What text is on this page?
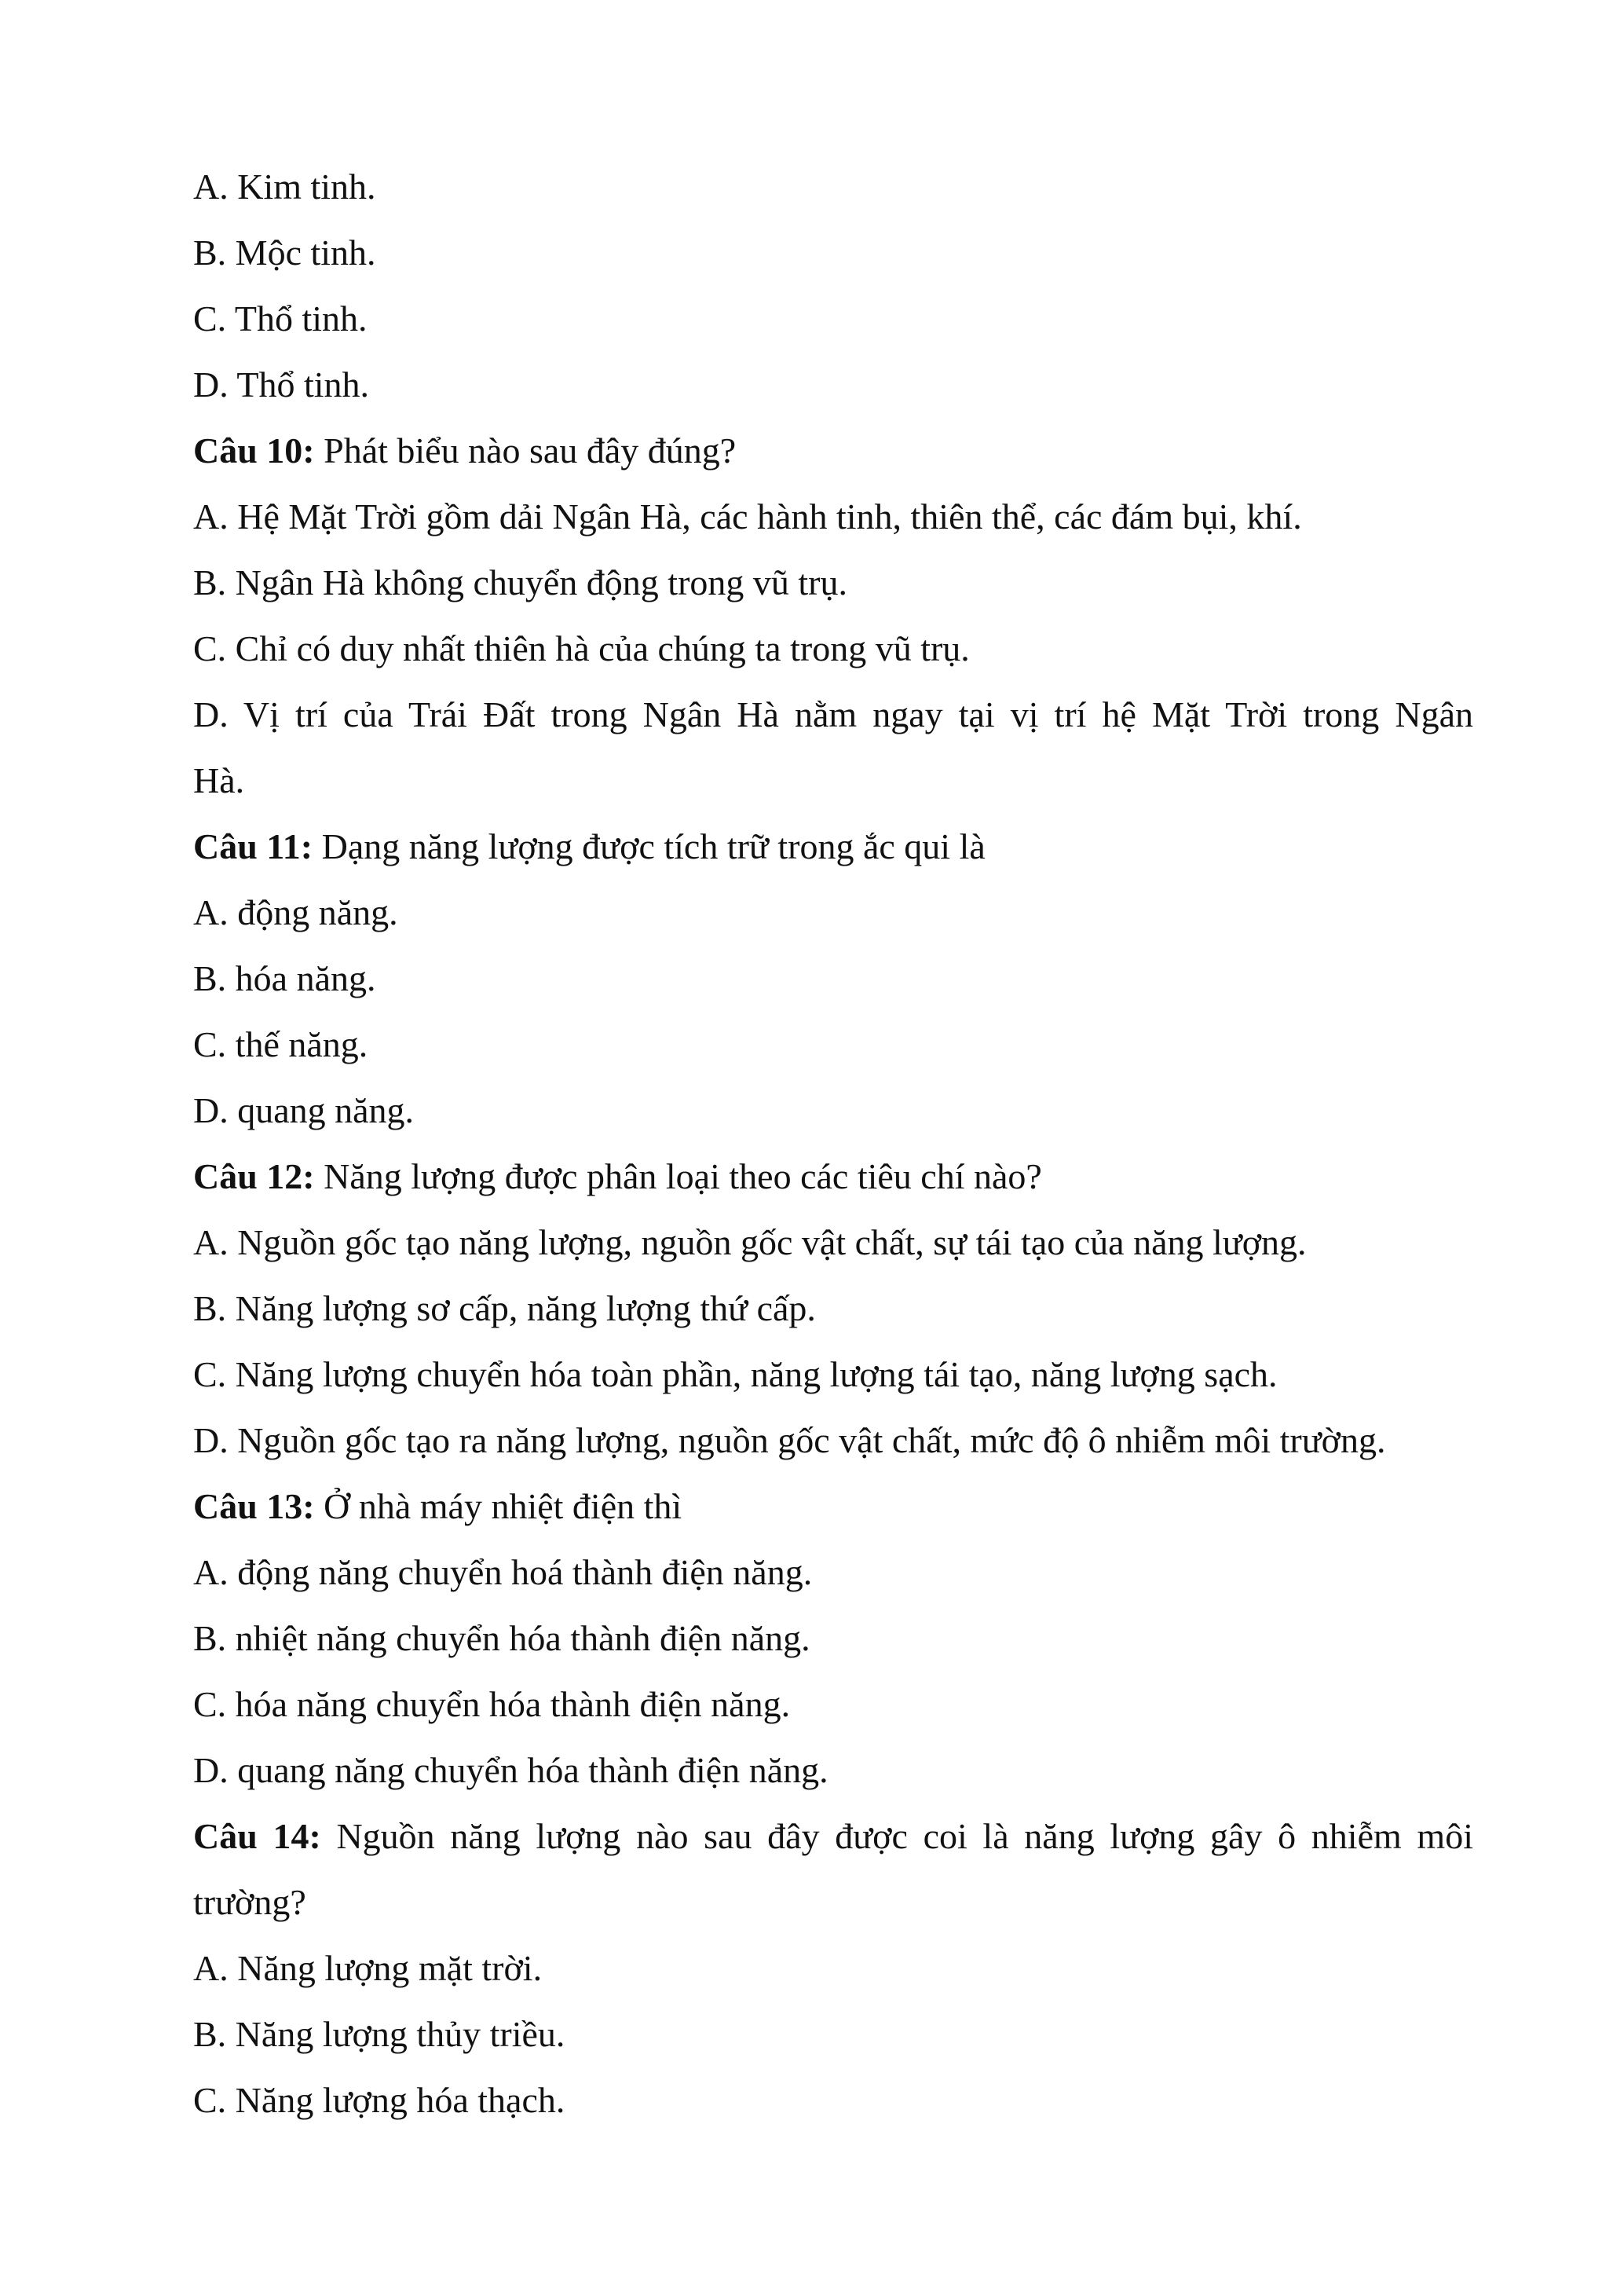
A. Kim tinh.
B. Mộc tinh.
C. Thổ tinh.
D. Thổ tinh.
Câu 10: Phát biểu nào sau đây đúng?
A. Hệ Mặt Trời gồm dải Ngân Hà, các hành tinh, thiên thể, các đám bụi, khí.
B. Ngân Hà không chuyển động trong vũ trụ.
C. Chỉ có duy nhất thiên hà của chúng ta trong vũ trụ.
D. Vị trí của Trái Đất trong Ngân Hà nằm ngay tại vị trí hệ Mặt Trời trong Ngân
Hà.
Câu 11: Dạng năng lượng được tích trữ trong ắc qui là
A. động năng.
B. hóa năng.
C. thế năng.
D. quang năng.
Câu 12: Năng lượng được phân loại theo các tiêu chí nào?
A. Nguồn gốc tạo năng lượng, nguồn gốc vật chất, sự tái tạo của năng lượng.
B. Năng lượng sơ cấp, năng lượng thứ cấp.
C. Năng lượng chuyển hóa toàn phần, năng lượng tái tạo, năng lượng sạch.
D. Nguồn gốc tạo ra năng lượng, nguồn gốc vật chất, mức độ ô nhiễm môi trường.
Câu 13: Ở nhà máy nhiệt điện thì
A. động năng chuyển hoá thành điện năng.
B. nhiệt năng chuyển hóa thành điện năng.
C. hóa năng chuyển hóa thành điện năng.
D. quang năng chuyển hóa thành điện năng.
Câu 14: Nguồn năng lượng nào sau đây được coi là năng lượng gây ô nhiễm môi
trường?
A. Năng lượng mặt trời.
B. Năng lượng thủy triều.
C. Năng lượng hóa thạch.
